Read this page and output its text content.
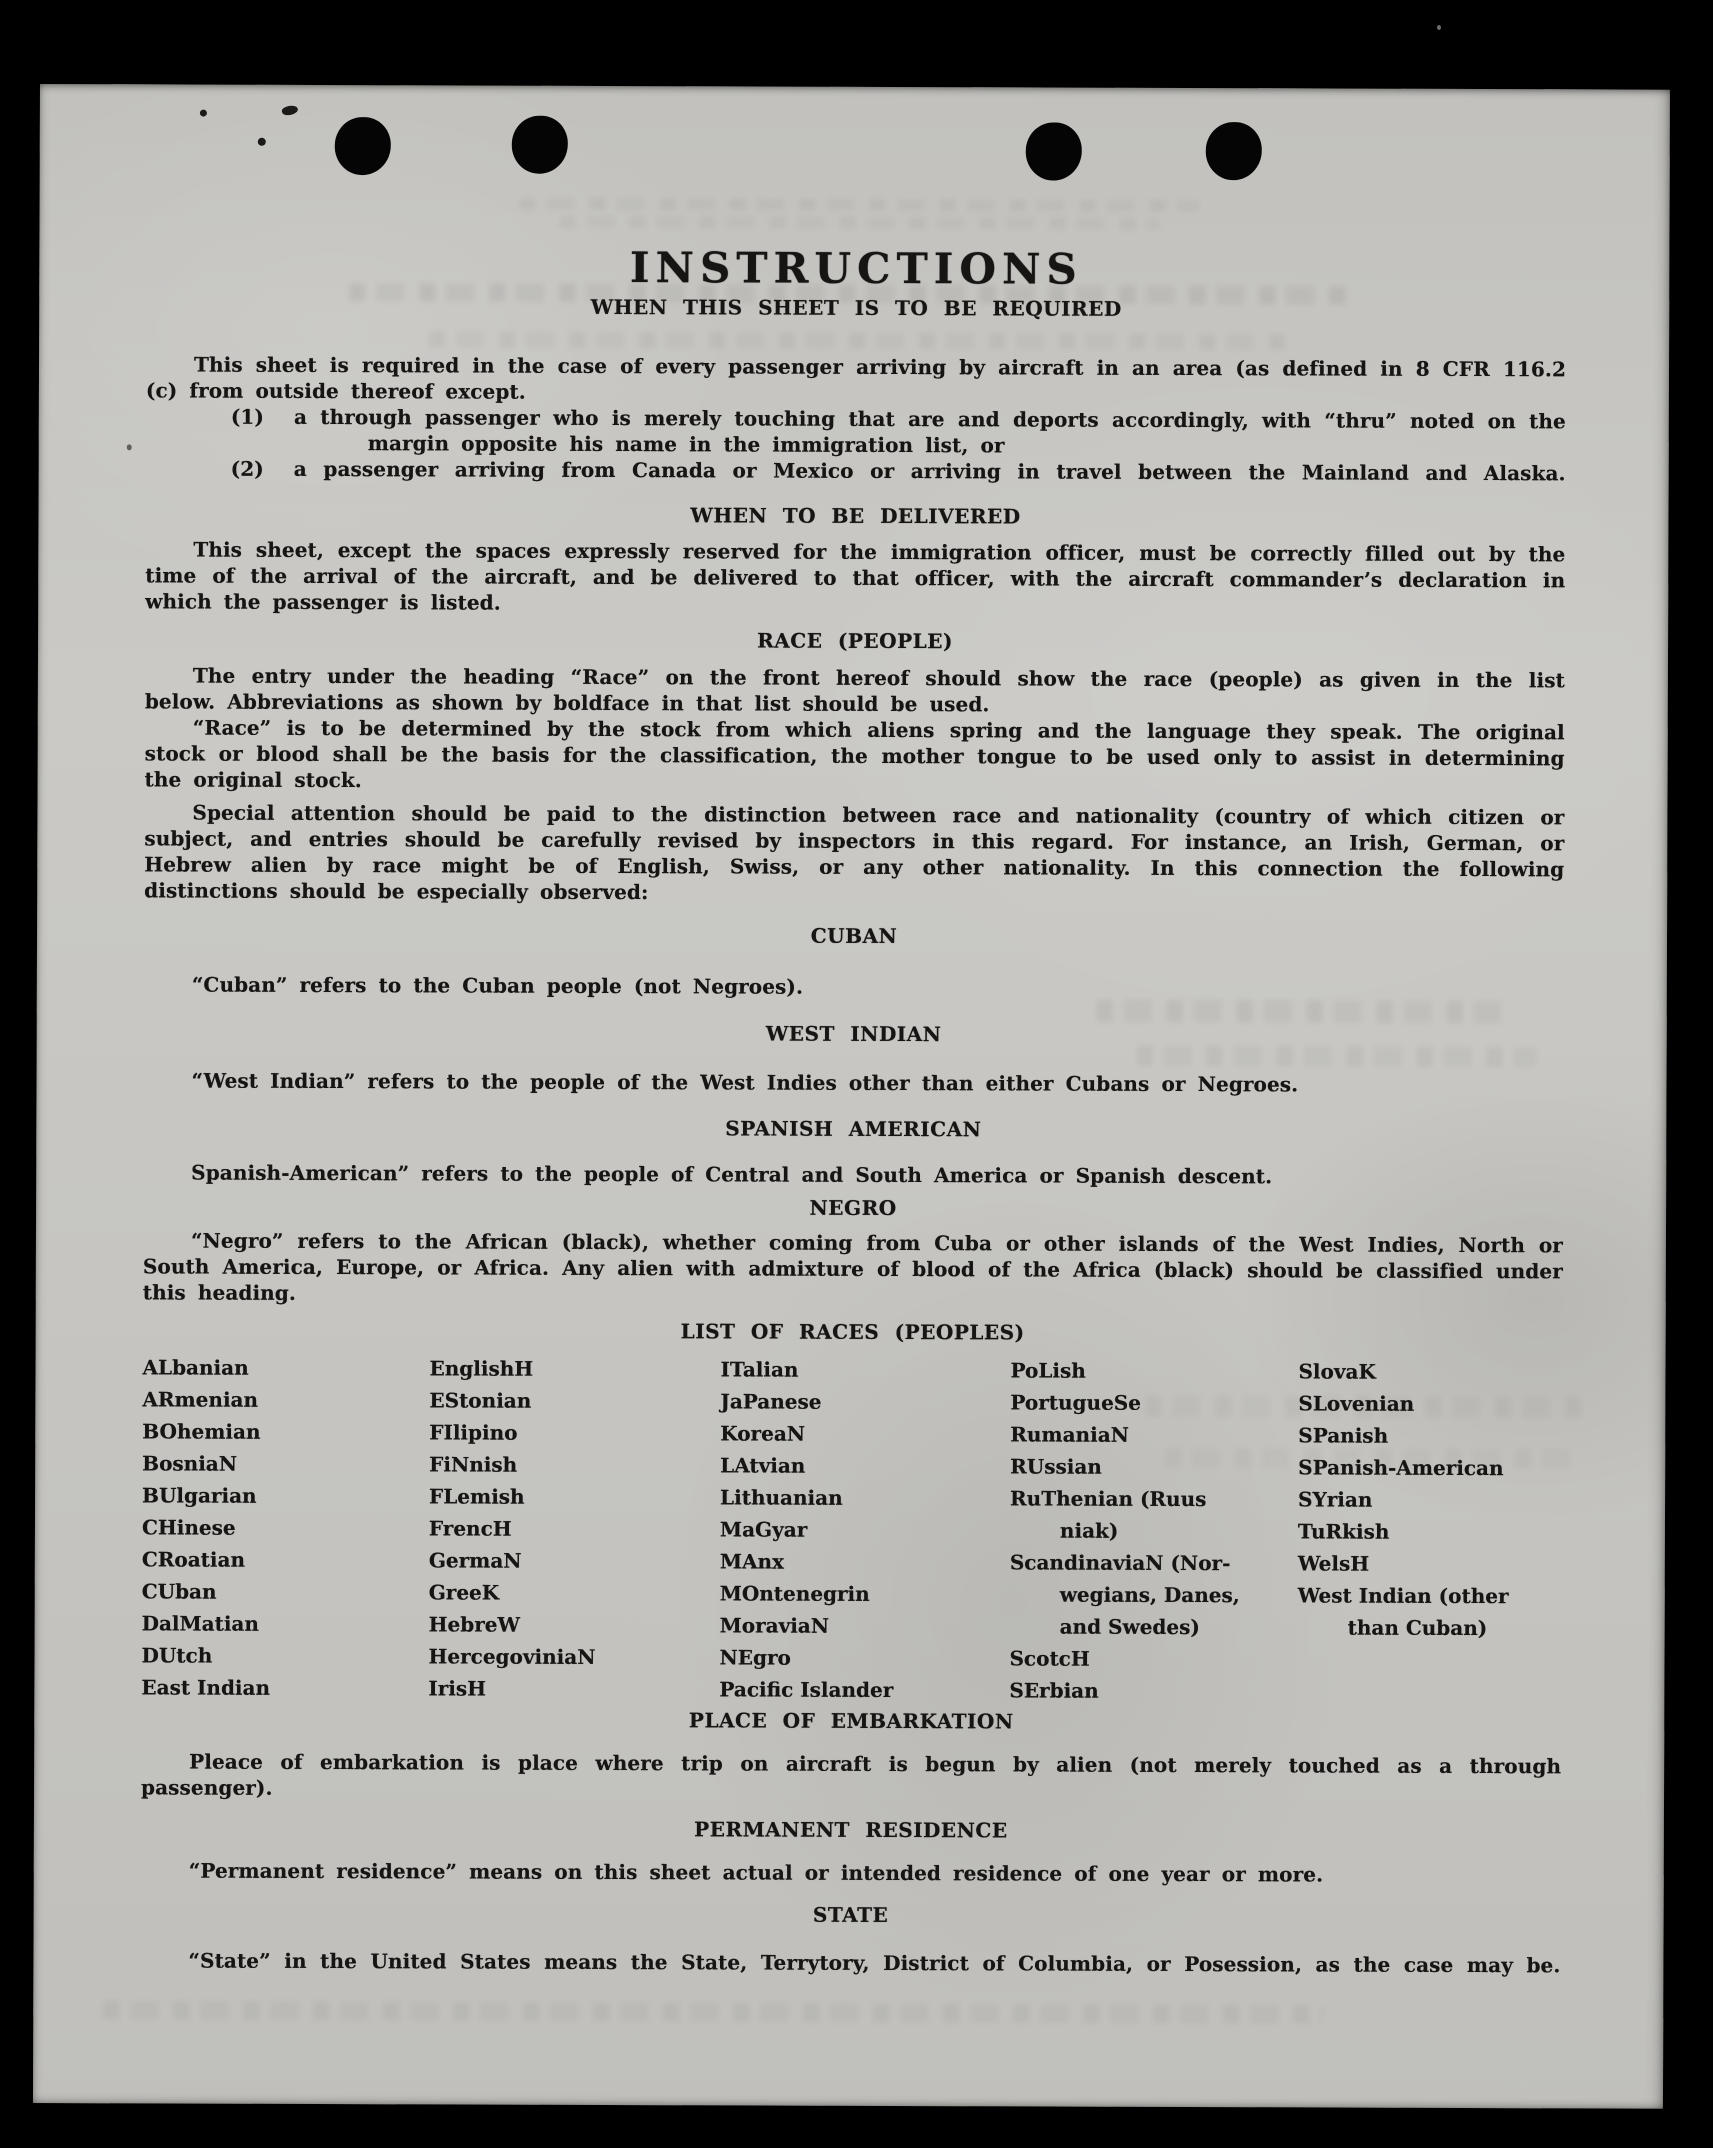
INSTRUCTIONS
WHEN THIS SHEET IS TO BE REQUIRED

This sheet is required in the case of every passenger arriving by aircraft in an area (as defined in 8 CFR 116.2 (c) from outside thereof except.

(1) a through passenger who is merely touching that are and deports accordingly, with “thru” noted on the margin opposite his name in the immigration list, or

(2) a passenger arriving from Canada or Mexico or arriving in travel between the Mainland and Alaska.

WHEN TO BE DELIVERED

This sheet, except the spaces expressly reserved for the immigration officer, must be correctly filled out by the time of the arrival of the aircraft, and be delivered to that officer, with the aircraft commander’s declaration in which the passenger is listed.

RACE (PEOPLE)

The entry under the heading “Race” on the front hereof should show the race (people) as given in the list below. Abbreviations as shown by boldface in that list should be used.

“Race” is to be determined by the stock from which aliens spring and the language they speak. The original stock or blood shall be the basis for the classification, the mother tongue to be used only to assist in determining the original stock.

Special attention should be paid to the distinction between race and nationality (country of which citizen or subject, and entries should be carefully revised by inspectors in this regard. For instance, an Irish, German, or Hebrew alien by race might be of English, Swiss, or any other nationality. In this connection the following distinctions should be especially observed:

CUBAN

“Cuban” refers to the Cuban people (not Negroes).

WEST INDIAN

“West Indian” refers to the people of the West Indies other than either Cubans or Negroes.

SPANISH AMERICAN

Spanish-American” refers to the people of Central and South America or Spanish descent.

NEGRO

“Negro” refers to the African (black), whether coming from Cuba or other islands of the West Indies, North or South America, Europe, or Africa. Any alien with admixture of blood of the Africa (black) should be classified under this heading.

LIST OF RACES (PEOPLES)
ALbanian
ARmenian
BOhemian
BosniaN
BUlgarian
CHinese
CRoatian
CUban
DalMatian
DUtch
East Indian
EnglishH
EStonian
FIlipino
FiNnish
FLemish
FrencH
GermaN
GreeK
HebreW
HercegoviniaN
IrisH
ITalian
JaPanese
KoreaN
LAtvian
Lithuanian
MaGyar
MAnx
MOntenegrin
MoraviaN
NEgro
Pacific Islander
PoLish
PortugueSe
RumaniaN
RUssian
RuThenian (Ruus
niak)
ScandinaviaN (Nor-
wegians, Danes,
and Swedes)
ScotcH
SErbian
SlovaK
SLovenian
SPanish
SPanish-American
SYrian
TuRkish
WelsH
West Indian (other
than Cuban)
PLACE OF EMBARKATION

Pleace of embarkation is place where trip on aircraft is begun by alien (not merely touched as a through passenger).

PERMANENT RESIDENCE

“Permanent residence” means on this sheet actual or intended residence of one year or more.

STATE

“State” in the United States means the State, Terrytory, District of Columbia, or Posession, as the case may be.
